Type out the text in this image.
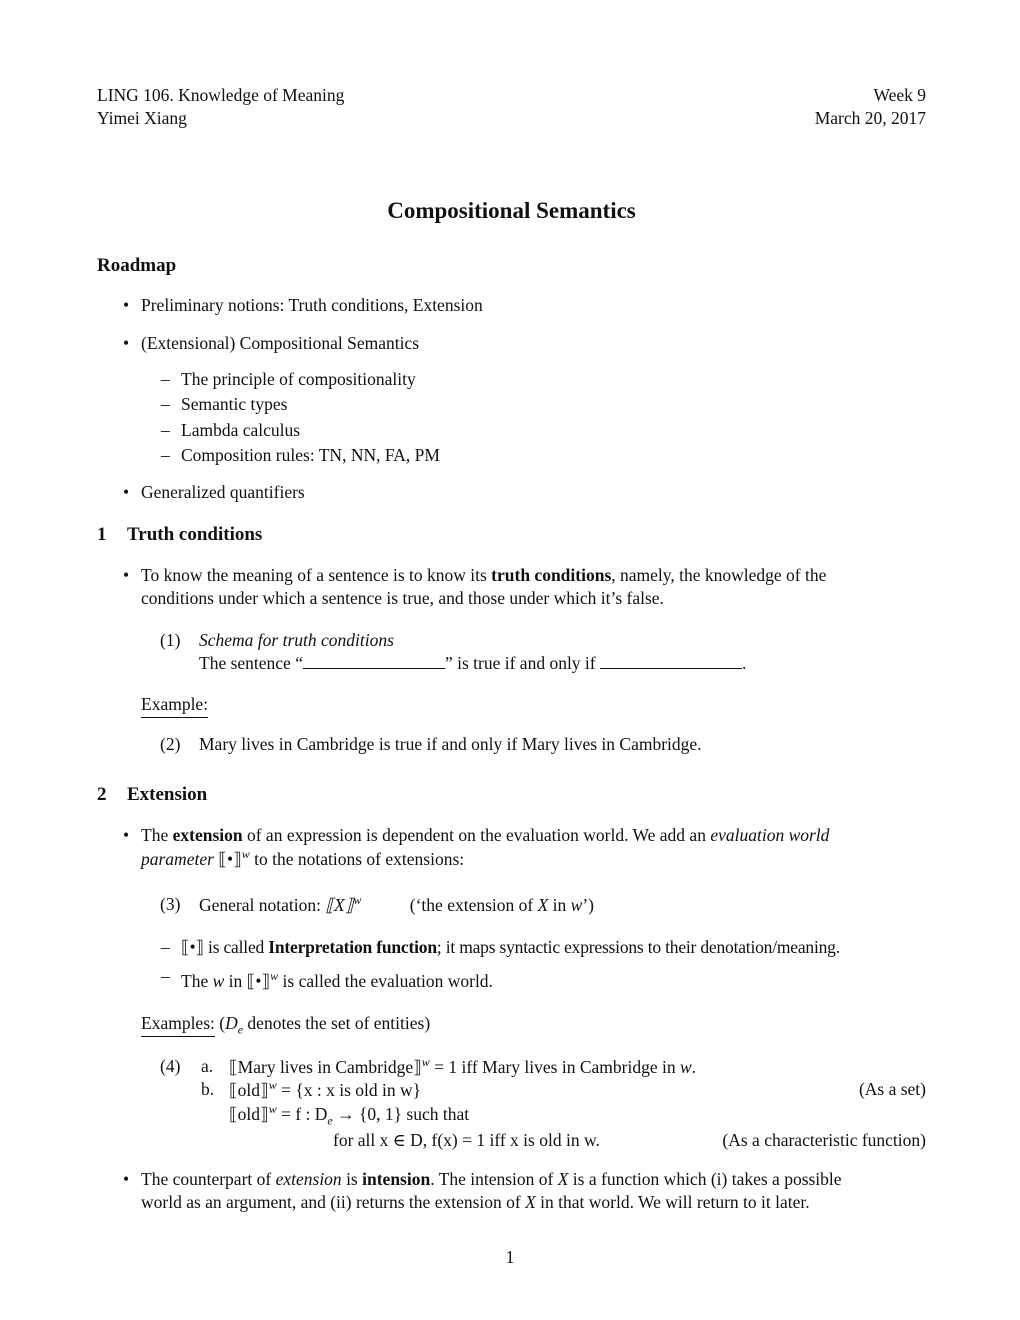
LING 106. Knowledge of Meaning	Week 9
Yimei Xiang	March 20, 2017
Compositional Semantics
Roadmap
• Preliminary notions: Truth conditions, Extension
• (Extensional) Compositional Semantics
– The principle of compositionality
– Semantic types
– Lambda calculus
– Composition rules: TN, NN, FA, PM
• Generalized quantifiers
1 Truth conditions
• To know the meaning of a sentence is to know its truth conditions, namely, the knowledge of the
conditions under which a sentence is true, and those under which it’s false.
(1) Schema for truth conditions
The sentence “	” is true if and only if	.
Example:
(2) Mary lives in Cambridge is true if and only if Mary lives in Cambridge.
2 Extension
• The extension of an expression is dependent on the evaluation world. We add an evaluation world
parameter ⟦•⟧$^w$ to the notations of extensions:
(3) General notation: ⟦X⟧$^w$	(‘the extension of X in w’)
– ⟦•⟧ is called Interpretation function; it maps syntactic expressions to their denotation/meaning.
– The w in ⟦•⟧$^w$ is called the evaluation world.
Examples: ($D_e$ denotes the set of entities)
(4) a. ⟦Mary lives in Cambridge⟧$^w$ = 1 iff Mary lives in Cambridge in w.
b. ⟦old⟧$^w$ = {x : x is old in w}	(As a set)
⟦old⟧$^w$ = f : $D_e \to \{0$, 1} such that
for all x ∈ D, f(x) = 1 iff x is old in w.	(As a characteristic function)
• The counterpart of extension is intension. The intension of X is a function which (i) takes a possible
world as an argument, and (ii) returns the extension of X in that world. We will return to it later.
1
